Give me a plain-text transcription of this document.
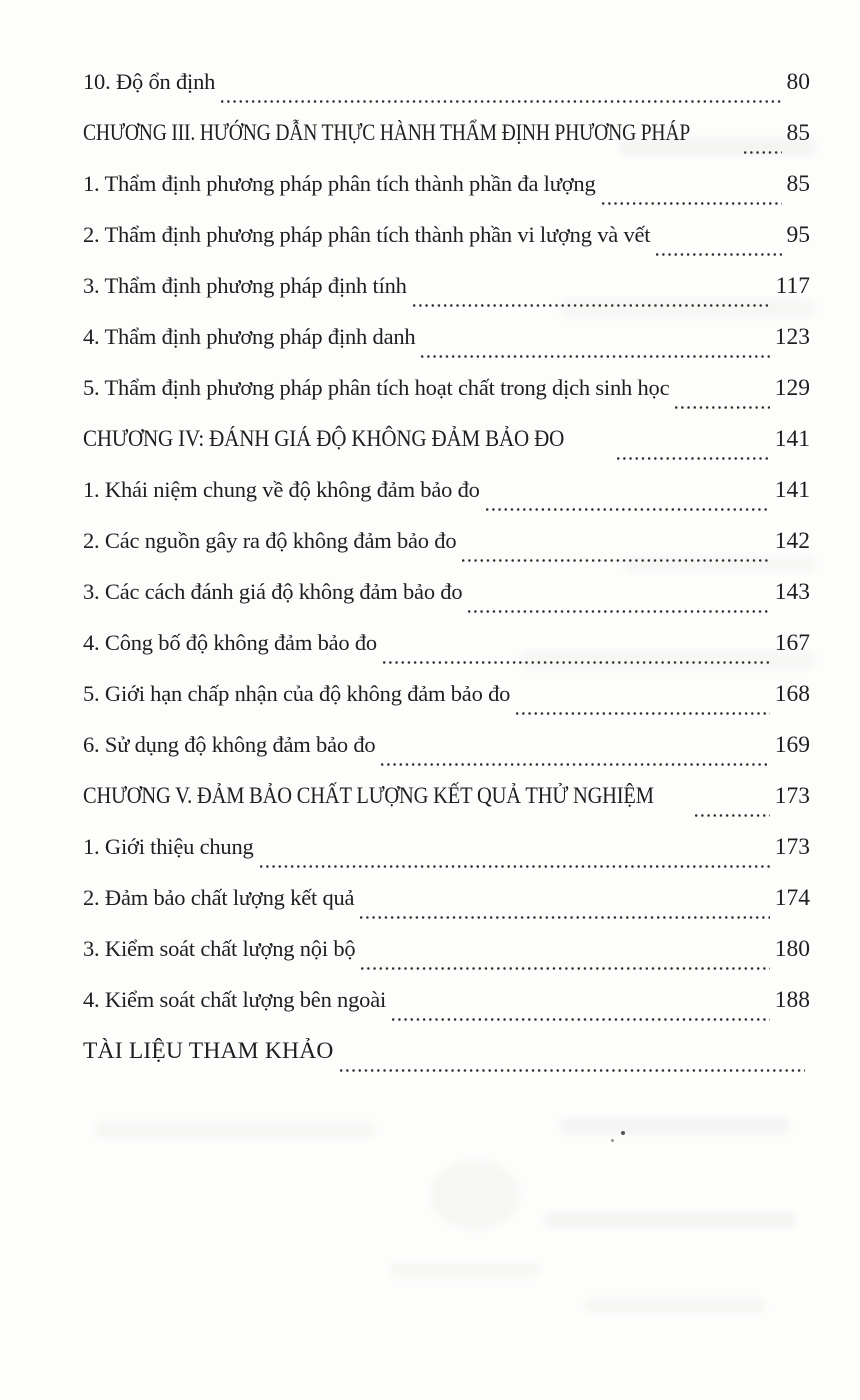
10. Độ ổn định	80
CHƯƠNG III. HƯỚNG DẪN THỰC HÀNH THẨM ĐỊNH PHƯƠNG PHÁP	85
1. Thẩm định phương pháp phân tích thành phần đa lượng	85
2. Thẩm định phương pháp phân tích thành phần vi lượng và vết	95
3. Thẩm định phương pháp định tính	117
4. Thẩm định phương pháp định danh	123
5. Thẩm định phương pháp phân tích hoạt chất trong dịch sinh học	129
CHƯƠNG IV: ĐÁNH GIÁ ĐỘ KHÔNG ĐẢM BẢO ĐO	141
1. Khái niệm chung về độ không đảm bảo đo	141
2. Các nguồn gây ra độ không đảm bảo đo	142
3. Các cách đánh giá độ không đảm bảo đo	143
4. Công bố độ không đảm bảo đo	167
5. Giới hạn chấp nhận của độ không đảm bảo đo	168
6. Sử dụng độ không đảm bảo đo	169
CHƯƠNG V. ĐẢM BẢO CHẤT LƯỢNG KẾT QUẢ THỬ NGHIỆM	173
1. Giới thiệu chung	173
2. Đảm bảo chất lượng kết quả	174
3. Kiểm soát chất lượng nội bộ	180
4. Kiểm soát chất lượng bên ngoài	188
TÀI LIỆU THAM KHẢO
